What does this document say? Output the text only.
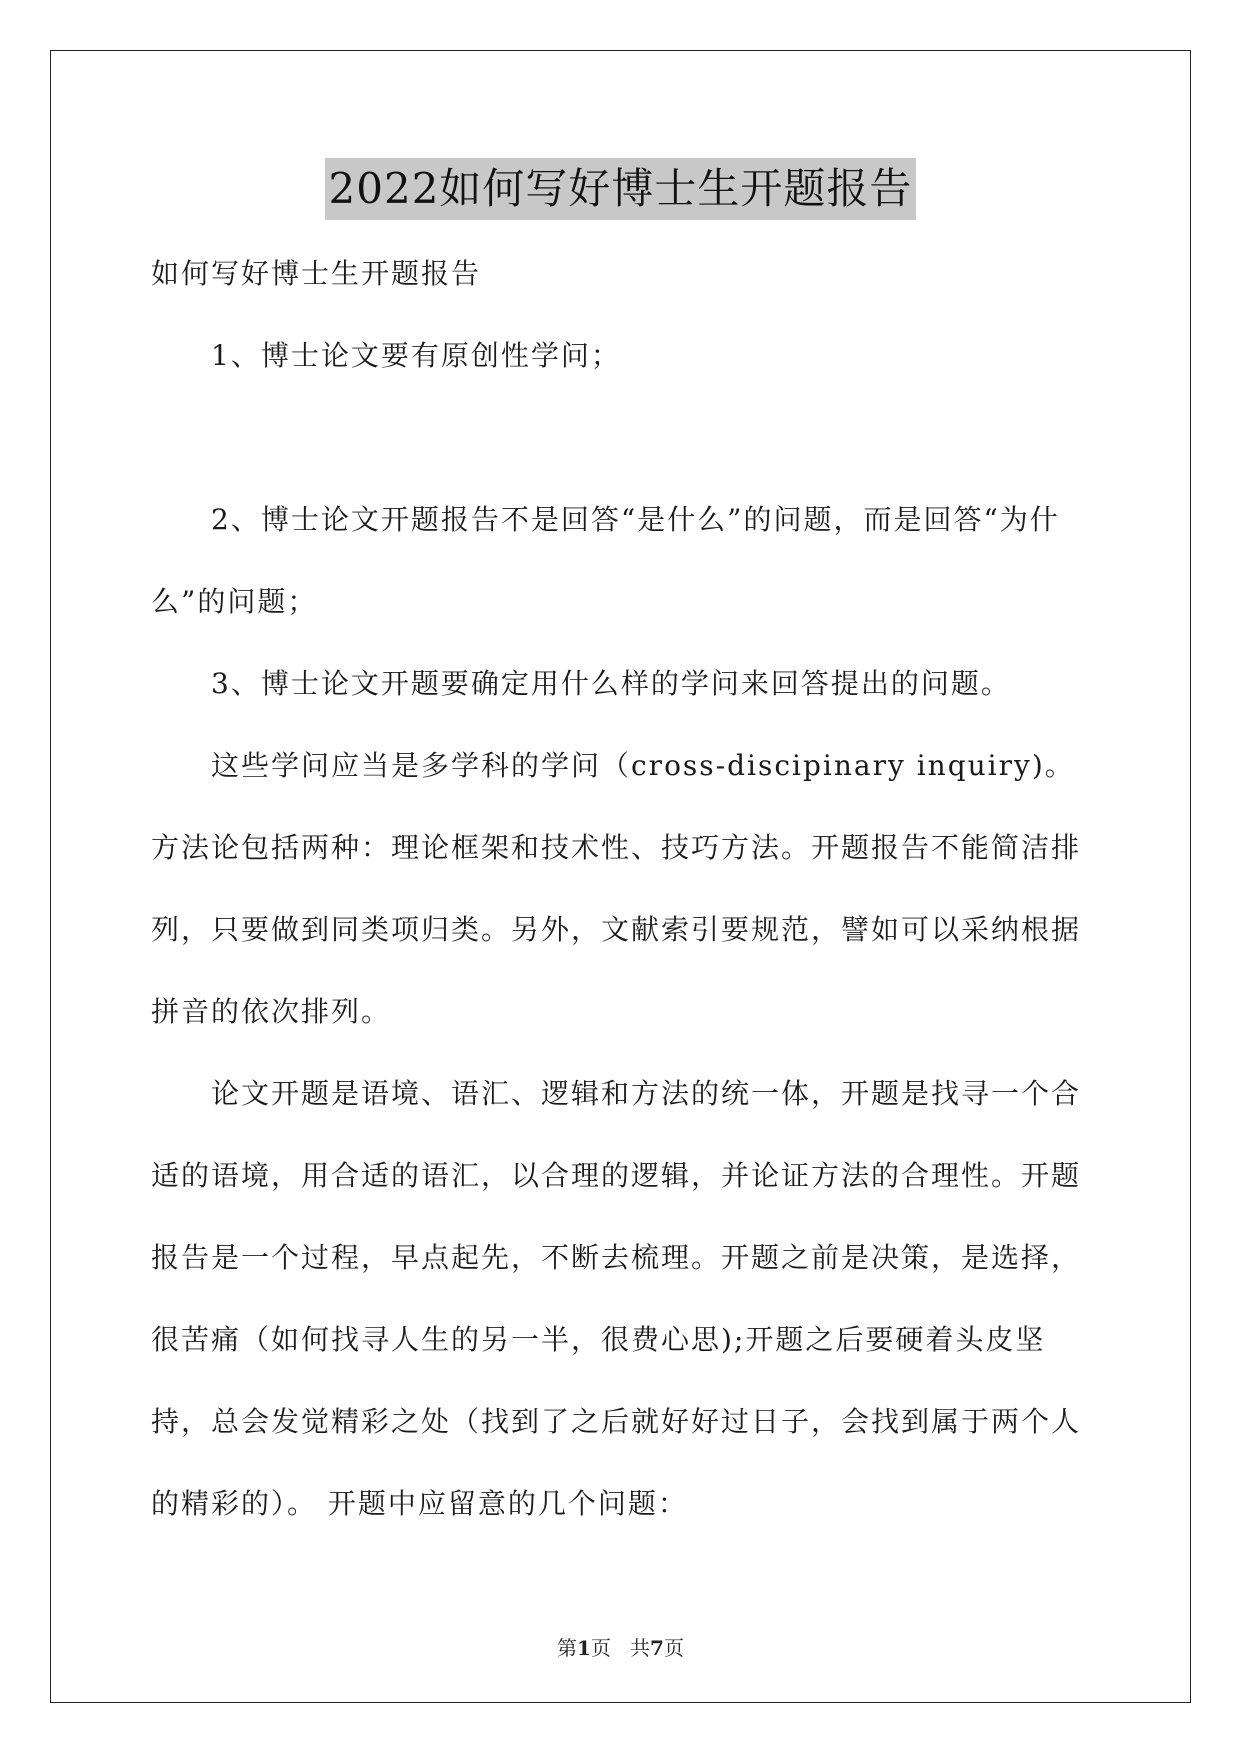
2022如何写好博士生开题报告

如何写好博士生开题报告

1、博士论文要有原创性学问；

2、博士论文开题报告不是回答“是什么”的问题，而是回答“为什么”的问题；

3、博士论文开题要确定用什么样的学问来回答提出的问题。

这些学问应当是多学科的学问（cross-discipinary inquiry)。方法论包括两种：理论框架和技术性、技巧方法。开题报告不能简洁排列，只要做到同类项归类。另外，文献索引要规范，譬如可以采纳根据拼音的依次排列。

论文开题是语境、语汇、逻辑和方法的统一体，开题是找寻一个合适的语境，用合适的语汇，以合理的逻辑，并论证方法的合理性。开题报告是一个过程，早点起先，不断去梳理。开题之前是决策，是选择，很苦痛（如何找寻人生的另一半，很费心思);开题之后要硬着头皮坚持，总会发觉精彩之处（找到了之后就好好过日子，会找到属于两个人的精彩的）。 开题中应留意的几个问题：

第1页   共7页
